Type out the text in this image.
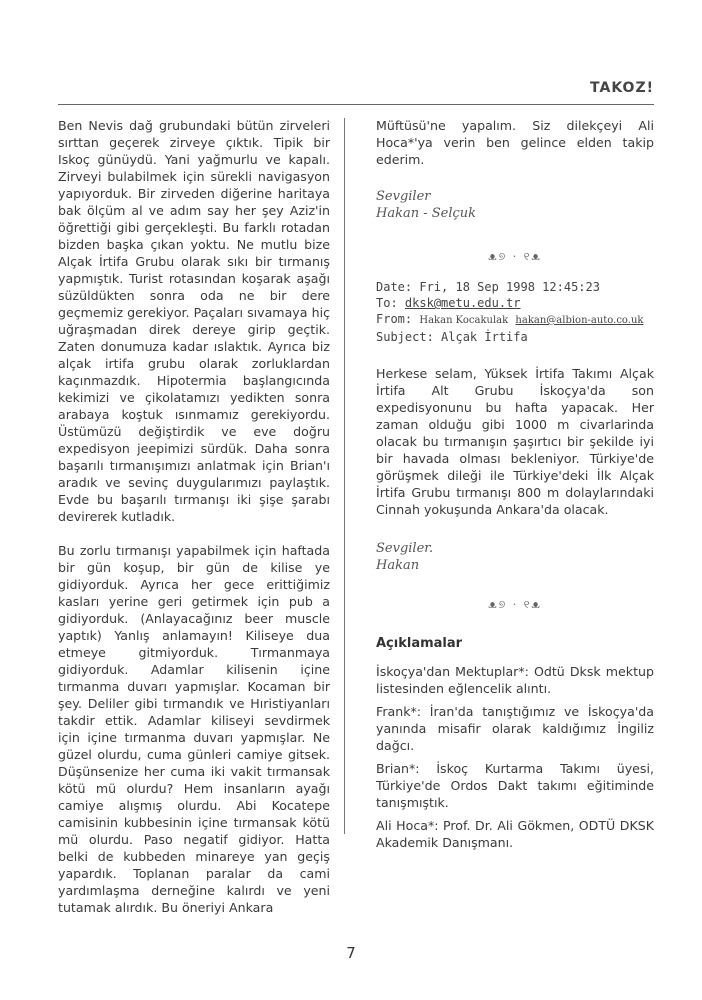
TAKOZ!

Ben Nevis dağ grubundaki bütün zirveleri sırttan geçerek zirveye çıktık. Tipik bir Iskoç günüydü. Yani yağmurlu ve kapalı. Zirveyi bulabilmek için sürekli navigasyon yapıyorduk. Bir zirveden diğerine haritaya bak ölçüm al ve adım say her şey Aziz'in öğrettiği gibi gerçekleşti. Bu farklı rotadan bizden başka çıkan yoktu. Ne mutlu bize Alçak İrtifa Grubu olarak sıkı bir tırmanış yapmıştık. Turist rotasından koşarak aşağı süzüldükten sonra oda ne bir dere geçmemiz gerekiyor. Paçaları sıvamaya hiç uğraşmadan direk dereye girip geçtik. Zaten donumuza kadar ıslaktık. Ayrıca biz alçak irtifa grubu olarak zorluklardan kaçınmazdık. Hipotermia başlangıcında kekimizi ve çikolatamızı yedikten sonra arabaya koştuk ısınmamız gerekiyordu. Üstümüzü değiştirdik ve eve doğru expedisyon jeepimizi sürdük. Daha sonra başarılı tırmanışımızı anlatmak için Brian'ı aradık ve sevinç duygularımızı paylaştık. Evde bu başarılı tırmanışı iki şişe şarabı devirerek kutladık.

Bu zorlu tırmanışı yapabilmek için haftada bir gün koşup, bir gün de kilise ye gidiyorduk. Ayrıca her gece erittiğimiz kasları yerine geri getirmek için pub a gidiyorduk. (Anlayacağınız beer muscle yaptık) Yanlış anlamayın! Kiliseye dua etmeye gitmiyorduk. Tırmanmaya gidiyorduk. Adamlar kilisenin içine tırmanma duvarı yapmışlar. Kocaman bir şey. Deliler gibi tırmandık ve Hıristiyanları takdir ettik. Adamlar kiliseyi sevdirmek için içine tırmanma duvarı yapmışlar. Ne güzel olurdu, cuma günleri camiye gitsek. Düşünsenize her cuma iki vakit tırmansak kötü mü olurdu? Hem insanların ayağı camiye alışmış olurdu. Abi Kocatepe camisinin kubbesinin içine tırmansak kötü mü olurdu. Paso negatif gidiyor. Hatta belki de kubbeden minareye yan geçiş yapardık. Toplanan paralar da cami yardımlaşma derneğine kalırdı ve yeni tutamak alırdık. Bu öneriyi Ankara

Müftüsü'ne yapalım. Siz dilekçeyi Ali Hoca*'ya verin ben gelince elden takip ederim.

Sevgiler

Hakan - Selçuk

ᴥ୭ · ୧ᴥ

Date: Fri, 18 Sep 1998 12:45:23

To: dksk@metu.edu.tr

From: Hakan Kocakulak hakan@albion-auto.co.uk

Subject: Alçak İrtifa

Herkese selam, Yüksek İrtifa Takımı Alçak İrtifa Alt Grubu İskoçya'da son expedisyonunu bu hafta yapacak. Her zaman olduğu gibi 1000 m civarlarinda olacak bu tırmanışın şaşırtıcı bir şekilde iyi bir havada olması bekleniyor. Türkiye'de görüşmek dileği ile Türkiye'deki İlk Alçak İrtifa Grubu tırmanışı 800 m dolaylarındaki Cinnah yokuşunda Ankara'da olacak.

Sevgiler.

Hakan

ᴥ୭ · ୧ᴥ

Açıklamalar

İskoçya'dan Mektuplar*: Odtü Dksk mektup listesinden eğlencelik alıntı.

Frank*: İran'da tanıştığımız ve İskoçya'da yanında misafir olarak kaldığımız İngiliz dağcı.

Brian*: İskoç Kurtarma Takımı üyesi, Türkiye'de Ordos Dakt takımı eğitiminde tanışmıştık.

Ali Hoca*: Prof. Dr. Ali Gökmen, ODTÜ DKSK Akademik Danışmanı.

7
